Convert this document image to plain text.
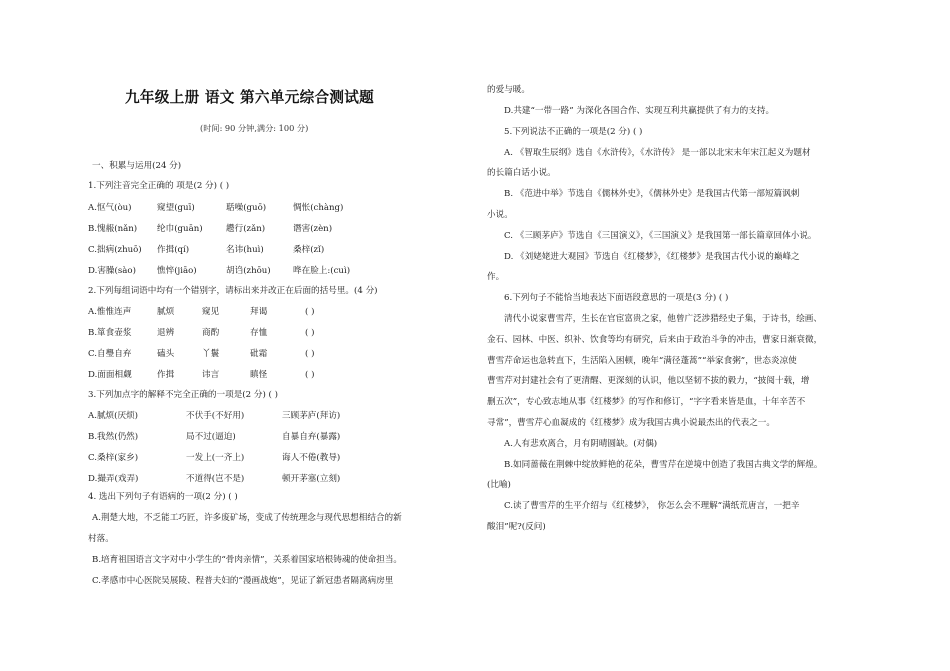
九年级上册 语文 第六单元综合测试题
(时间: 90 分钟,满分: 100 分)
一、积累与运用(24 分)
1.下列注音完全正确的 项是(2 分) ( )
A.怄气(òu)	窥望(guī)	聒噪(guō)	惆怅(chàng)
B.愧赧(nǎn) 纶巾(guān)	趱行(zǎn)	谮害(zèn)
C.拙病(zhuō) 作揖(qí)	名讳(huì)	桑梓(zǐ)
D.害臊(sào) 憔悴(jiāo)	胡诌(zhōu)	哗在脸上:(cuì)
2.下列每组词语中均有一个错别字，请标出来并改正在后面的括号里。(4 分)
A.惟惟连声	腻烦	窥见	拜谒	( )
B.箪食壶浆	退辨	商酌	存恤	( )
C.自璺自弃	磕头	丫鬟	砒霜	( )
D.面面相觑	作揖	讳言	瞋怪	( )
3.下列加点字的解释不完全正确的一项是(2 分) ( )
A.腻烦(厌烦)	不伏手(不好用)	三顾茅庐(拜访)
B.我然(仍然)	局不过(逼迫)	自暴自弃(暴露)
C.桑梓(家乡)	一发上(一齐上)	诲人不倦(教导)
D.撮弄(戏弄)	不道得(岂不是)	顿开茅塞(立刻)
4. 选出下列句子有语病的一项(2 分) ( )
A.荆楚大地，不乏能工巧匠，许多废矿场，变成了传统理念与现代思想相结合的新
村落。
B.培育祖国语言文字对中小学生的“骨肉亲情”，关系着国家培根铸魂的使命担当。
C.孝感市中心医院吴展陵、程普夫妇的“漫画战炮”，见证了新冠患者隔离病房里
的爱与暖。
D.共建“一带一路” 为深化各国合作、实现互利共赢提供了有力的支持。
5.下列说法不正确的一项是(2 分) ( )
A. 《智取生辰纲》选自《水浒传》，《水浒传》 是一部以北宋末年宋江起义为题材
的长篇白话小说。
B. 《范进中举》节选自《儒林外史》，《儒林外史》是我国古代第一部短篇讽刺
小说。
C. 《三顾茅庐》节选自《三国演义》，《三国演义》是我国第一部长篇章回体小说。
D. 《刘姥姥进大观园》节选自《红楼梦》，《红楼梦》是我国古代小说的巅峰之
作。
6.下列句子不能恰当地表达下面语段意思的一项是(3 分) ( )
清代小说家曹雪芹，生长在官宦富贵之家，他曾广泛涉猎经史子集，于诗书，绘画、
金石、园林、中医、织补、饮食等均有研究，后来由于政治斗争的冲击，曹家日渐衰微，
曹雪芹命运也急转直下，生活陷入困顿，晚年“满径蓬蒿”“举家食粥”，世态炎凉使
曹雪芹对封建社会有了更清醒、更深刻的认识，他以坚韧不拔的毅力，“披阅十载，增
删五次”，专心致志地从事《红楼梦》的写作和修订，“字字看来皆是血，十年辛苦不
寻常”，曹雪芹心血凝成的《红楼梦》成为我国古典小说最杰出的代表之一。
A.人有悲欢离合，月有阴晴圆缺。(对偶)
B.如同蔷薇在荆棘中绽放鲜艳的花朵，曹雪芹在逆境中创造了我国古典文学的辉煌。
(比喻)
C.读了曹雪芹的生平介绍与《红楼梦》， 你怎么会不理解“满纸荒唐言，一把辛
酸泪”呢?(反问)
